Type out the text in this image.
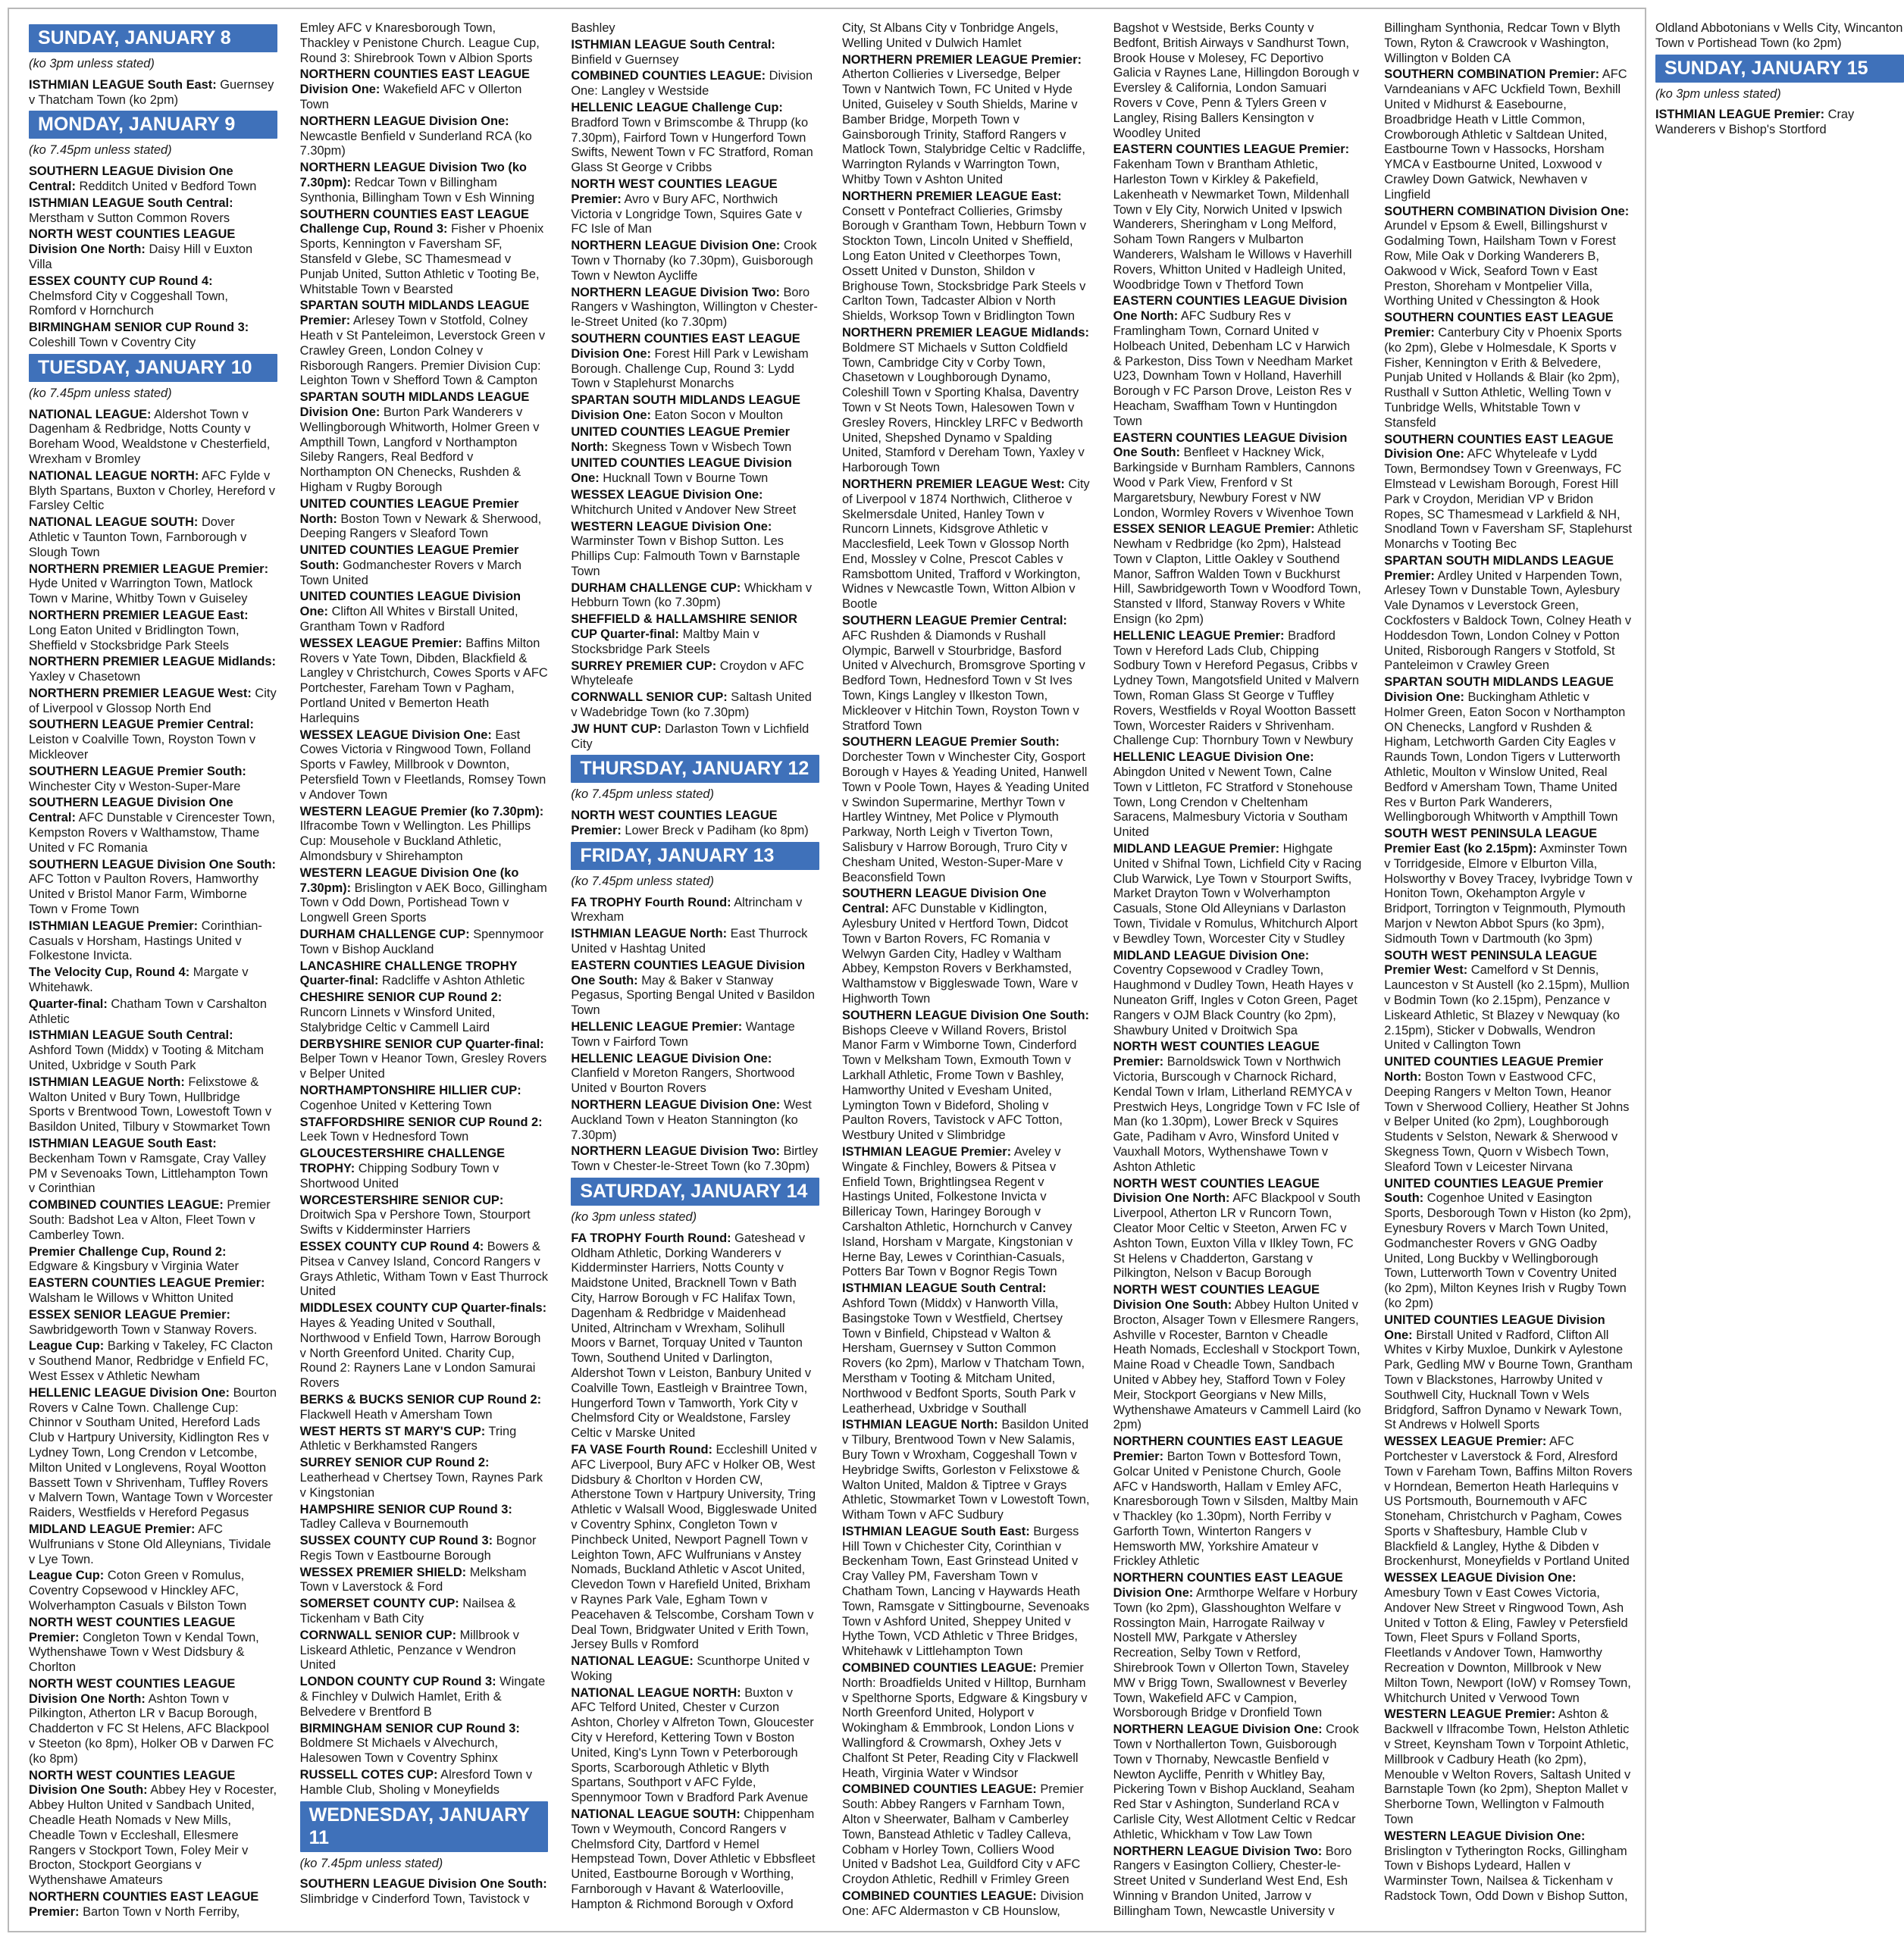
SUNDAY, JANUARY 8
(ko 3pm unless stated)
ISTHMIAN LEAGUE South East: Guernsey v Thatcham Town (ko 2pm)
MONDAY, JANUARY 9
(ko 7.45pm unless stated)
SOUTHERN LEAGUE Division One Central: Redditch United v Bedford Town
ISTHMIAN LEAGUE South Central: Merstham v Sutton Common Rovers
NORTH WEST COUNTIES LEAGUE Division One North: Daisy Hill v Euxton Villa
ESSEX COUNTY CUP Round 4: Chelmsford City v Coggeshall Town, Romford v Hornchurch
BIRMINGHAM SENIOR CUP Round 3: Coleshill Town v Coventry City
TUESDAY, JANUARY 10
(ko 7.45pm unless stated)
NATIONAL LEAGUE: Aldershot Town v Dagenham & Redbridge, Notts County v Boreham Wood, Wealdstone v Chesterfield, Wrexham v Bromley
NATIONAL LEAGUE NORTH: AFC Fylde v Blyth Spartans, Buxton v Chorley, Hereford v Farsley Celtic
NATIONAL LEAGUE SOUTH: Dover Athletic v Taunton Town, Farnborough v Slough Town
NORTHERN PREMIER LEAGUE Premier: Hyde United v Warrington Town, Matlock Town v Marine, Whitby Town v Guiseley
NORTHERN PREMIER LEAGUE East: Long Eaton United v Bridlington Town, Sheffield v Stocksbridge Park Steels
NORTHERN PREMIER LEAGUE Midlands: Yaxley v Chasetown
NORTHERN PREMIER LEAGUE West: City of Liverpool v Glossop North End
SOUTHERN LEAGUE Premier Central: Leiston v Coalville Town, Royston Town v Mickleover
SOUTHERN LEAGUE Premier South: Winchester City v Weston-Super-Mare
SOUTHERN LEAGUE Division One Central: AFC Dunstable v Cirencester Town, Kempston Rovers v Walthamstow, Thame United v FC Romania
SOUTHERN LEAGUE Division One South: AFC Totton v Paulton Rovers, Hamworthy United v Bristol Manor Farm, Wimborne Town v Frome Town
ISTHMIAN LEAGUE Premier: Corinthian-Casuals v Horsham, Hastings United v Folkestone Invicta.
The Velocity Cup, Round 4: Margate v Whitehawk.
Quarter-final: Chatham Town v Carshalton Athletic
ISTHMIAN LEAGUE South Central: Ashford Town (Middx) v Tooting & Mitcham United, Uxbridge v South Park
ISTHMIAN LEAGUE North: Felixstowe & Walton United v Bury Town, Hullbridge Sports v Brentwood Town, Lowestoft Town v Basildon United, Tilbury v Stowmarket Town
ISTHMIAN LEAGUE South East: Beckenham Town v Ramsgate, Cray Valley PM v Sevenoaks Town, Littlehampton Town v Corinthian
COMBINED COUNTIES LEAGUE: Premier South: Badshot Lea v Alton, Fleet Town v Camberley Town.
Premier Challenge Cup, Round 2: Edgware & Kingsbury v Virginia Water
EASTERN COUNTIES LEAGUE Premier: Walsham le Willows v Whitton United
ESSEX SENIOR LEAGUE Premier: Sawbridgeworth Town v Stanway Rovers.
League Cup: Barking v Takeley, FC Clacton v Southend Manor, Redbridge v Enfield FC, West Essex v Athletic Newham
HELLENIC LEAGUE Division One: Bourton Rovers v Calne Town. Challenge Cup: Chinnor v Southam United, Hereford Lads Club v Hartpury University, Kidlington Res v Lydney Town, Long Crendon v Letcombe, Milton United v Longlevens, Royal Wootton Bassett Town v Shrivenham, Tuffley Rovers v Malvern Town, Wantage Town v Worcester Raiders, Westfields v Hereford Pegasus
MIDLAND LEAGUE Premier: AFC Wulfrunians v Stone Old Alleynians, Tividale v Lye Town.
League Cup: Coton Green v Romulus, Coventry Copsewood v Hinckley AFC, Wolverhampton Casuals v Bilston Town
NORTH WEST COUNTIES LEAGUE Premier: Congleton Town v Kendal Town, Wythenshawe Town v West Didsbury & Chorlton
NORTH WEST COUNTIES LEAGUE Division One North: Ashton Town v Pilkington, Atherton LR v Bacup Borough, Chadderton v FC St Helens, AFC Blackpool v Steeton (ko 8pm), Holker OB v Darwen FC (ko 8pm)
NORTH WEST COUNTIES LEAGUE Division One South: Abbey Hey v Rocester, Abbey Hulton United v Sandbach United, Cheadle Heath Nomads v New Mills, Cheadle Town v Eccleshall, Ellesmere Rangers v Stockport Town, Foley Meir v Brocton, Stockport Georgians v Wythenshawe Amateurs
NORTHERN COUNTIES EAST LEAGUE Premier: Barton Town v North Ferriby, Emley AFC v Knaresborough Town, Thackley v Penistone Church. League Cup, Round 3: Shirebrook Town v Albion Sports
NORTHERN COUNTIES EAST LEAGUE Division One: Wakefield AFC v Ollerton Town
NORTHERN LEAGUE Division One: Newcastle Benfield v Sunderland RCA (ko 7.30pm)
NORTHERN LEAGUE Division Two (ko 7.30pm): Redcar Town v Billingham Synthonia, Billingham Town v Esh Winning
SOUTHERN COUNTIES EAST LEAGUE Challenge Cup, Round 3: Fisher v Phoenix Sports, Kennington v Faversham SF, Stansfeld v Glebe, SC Thamesmead v Punjab United, Sutton Athletic v Tooting Be, Whitstable Town v Bearsted
SPARTAN SOUTH MIDLANDS LEAGUE Premier: Arlesey Town v Stotfold, Colney Heath v St Panteleimon, Leverstock Green v Crawley Green, London Colney v Risborough Rangers. Premier Division Cup: Leighton Town v Shefford Town & Campton
SPARTAN SOUTH MIDLANDS LEAGUE Division One: Burton Park Wanderers v Wellingborough Whitworth, Holmer Green v Ampthill Town, Langford v Northampton Sileby Rangers, Real Bedford v Northampton ON Chenecks, Rushden & Higham v Rugby Borough
UNITED COUNTIES LEAGUE Premier North: Boston Town v Newark & Sherwood, Deeping Rangers v Sleaford Town
UNITED COUNTIES LEAGUE Premier South: Godmanchester Rovers v March Town United
UNITED COUNTIES LEAGUE Division One: Clifton All Whites v Birstall United, Grantham Town v Radford
WESSEX LEAGUE Premier: Baffins Milton Rovers v Yate Town, Dibden, Blackfield & Langley v Christchurch, Cowes Sports v AFC Portchester, Fareham Town v Pagham, Portland United v Bemerton Heath Harlequins
WESSEX LEAGUE Division One: East Cowes Victoria v Ringwood Town, Folland Sports v Fawley, Millbrook v Downton, Petersfield Town v Fleetlands, Romsey Town v Andover Town
WESTERN LEAGUE Premier (ko 7.30pm): Ilfracombe Town v Wellington. Les Phillips Cup: Mousehole v Buckland Athletic, Almondsbury v Shirehampton
WESTERN LEAGUE Division One (ko 7.30pm): Brislington v AEK Boco, Gillingham Town v Odd Down, Portishead Town v Longwell Green Sports
DURHAM CHALLENGE CUP: Spennymoor Town v Bishop Auckland
LANCASHIRE CHALLENGE TROPHY Quarter-final: Radcliffe v Ashton Athletic
CHESHIRE SENIOR CUP Round 2: Runcorn Linnets v Winsford United, Stalybridge Celtic v Cammell Laird
DERBYSHIRE SENIOR CUP Quarter-final: Belper Town v Heanor Town, Gresley Rovers v Belper United
NORTHAMPTONSHIRE HILLIER CUP: Cogenhoe United v Kettering Town
STAFFORDSHIRE SENIOR CUP Round 2: Leek Town v Hednesford Town
GLOUCESTERSHIRE CHALLENGE TROPHY: Chipping Sodbury Town v Shortwood United
WORCESTERSHIRE SENIOR CUP: Droitwich Spa v Pershore Town, Stourport Swifts v Kidderminster Harriers
ESSEX COUNTY CUP Round 4: Bowers & Pitsea v Canvey Island, Concord Rangers v Grays Athletic, Witham Town v East Thurrock United
MIDDLESEX COUNTY CUP Quarter-finals: Hayes & Yeading United v Southall, Northwood v Enfield Town, Harrow Borough v North Greenford United. Charity Cup, Round 2: Rayners Lane v London Samurai Rovers
BERKS & BUCKS SENIOR CUP Round 2: Flackwell Heath v Amersham Town
WEST HERTS ST MARY'S CUP: Tring Athletic v Berkhamsted Rangers
SURREY SENIOR CUP Round 2: Leatherhead v Chertsey Town, Raynes Park v Kingstonian
HAMPSHIRE SENIOR CUP Round 3: Tadley Calleva v Bournemouth
SUSSEX COUNTY CUP Round 3: Bognor Regis Town v Eastbourne Borough
WESSEX PREMIER SHIELD: Melksham Town v Laverstock & Ford
SOMERSET COUNTY CUP: Nailsea & Tickenham v Bath City
CORNWALL SENIOR CUP: Millbrook v Liskeard Athletic, Penzance v Wendron United
LONDON COUNTY CUP Round 3: Wingate & Finchley v Dulwich Hamlet, Erith & Belvedere v Brentford B
BIRMINGHAM SENIOR CUP Round 3: Boldmere St Michaels v Alvechurch, Halesowen Town v Coventry Sphinx
RUSSELL COTES CUP: Alresford Town v Hamble Club, Sholing v Moneyfields
WEDNESDAY, JANUARY 11
(ko 7.45pm unless stated)
SOUTHERN LEAGUE Division One South: Slimbridge v Cinderford Town, Tavistock v Bashley
ISTHMIAN LEAGUE South Central: Binfield v Guernsey
COMBINED COUNTIES LEAGUE: Division One: Langley v Westside
HELLENIC LEAGUE Challenge Cup: Bradford Town v Brimscombe & Thrupp (ko 7.30pm), Fairford Town v Hungerford Town Swifts, Newent Town v FC Stratford, Roman Glass St George v Cribbs
NORTH WEST COUNTIES LEAGUE Premier: Avro v Bury AFC, Northwich Victoria v Longridge Town, Squires Gate v FC Isle of Man
NORTHERN LEAGUE Division One: Crook Town v Thornaby (ko 7.30pm), Guisborough Town v Newton Aycliffe
NORTHERN LEAGUE Division Two: Boro Rangers v Washington, Willington v Chester-le-Street United (ko 7.30pm)
SOUTHERN COUNTIES EAST LEAGUE Division One: Forest Hill Park v Lewisham Borough. Challenge Cup, Round 3: Lydd Town v Staplehurst Monarchs
SPARTAN SOUTH MIDLANDS LEAGUE Division One: Eaton Socon v Moulton
UNITED COUNTIES LEAGUE Premier North: Skegness Town v Wisbech Town
UNITED COUNTIES LEAGUE Division One: Hucknall Town v Bourne Town
WESSEX LEAGUE Division One: Whitchurch United v Andover New Street
WESTERN LEAGUE Division One: Warminster Town v Bishop Sutton. Les Phillips Cup: Falmouth Town v Barnstaple Town
DURHAM CHALLENGE CUP: Whickham v Hebburn Town (ko 7.30pm)
SHEFFIELD & HALLAMSHIRE SENIOR CUP Quarter-final: Maltby Main v Stocksbridge Park Steels
SURREY PREMIER CUP: Croydon v AFC Whyteleafe
CORNWALL SENIOR CUP: Saltash United v Wadebridge Town (ko 7.30pm)
JW HUNT CUP: Darlaston Town v Lichfield City
THURSDAY, JANUARY 12
(ko 7.45pm unless stated)
NORTH WEST COUNTIES LEAGUE Premier: Lower Breck v Padiham (ko 8pm)
FRIDAY, JANUARY 13
(ko 7.45pm unless stated)
FA TROPHY Fourth Round: Altrincham v Wrexham
ISTHMIAN LEAGUE North: East Thurrock United v Hashtag United
EASTERN COUNTIES LEAGUE Division One South: May & Baker v Stanway Pegasus, Sporting Bengal United v Basildon Town
HELLENIC LEAGUE Premier: Wantage Town v Fairford Town
HELLENIC LEAGUE Division One: Clanfield v Moreton Rangers, Shortwood United v Bourton Rovers
NORTHERN LEAGUE Division One: West Auckland Town v Heaton Stannington (ko 7.30pm)
NORTHERN LEAGUE Division Two: Birtley Town v Chester-le-Street Town (ko 7.30pm)
SATURDAY, JANUARY 14
(ko 3pm unless stated)
FA TROPHY Fourth Round: Gateshead v Oldham Athletic, Dorking Wanderers v Kidderminster Harriers, Notts County v Maidstone United, Bracknell Town v Bath City, Harrow Borough v FC Halifax Town, Dagenham & Redbridge v Maidenhead United, Altrincham v Wrexham, Solihull Moors v Barnet, Torquay United v Taunton Town, Southend United v Darlington, Aldershot Town v Leiston, Banbury United v Coalville Town, Eastleigh v Braintree Town, Hungerford Town v Tamworth, York City v Chelmsford City or Wealdstone, Farsley Celtic v Marske United
FA VASE Fourth Round: Eccleshill United v AFC Liverpool, Bury AFC v Holker OB, West Didsbury & Chorlton v Horden CW, Atherstone Town v Hartpury University, Tring Athletic v Walsall Wood, Biggleswade United v Coventry Sphinx, Congleton Town v Pinchbeck United, Newport Pagnell Town v Leighton Town, AFC Wulfrunians v Anstey Nomads, Buckland Athletic v Ascot United, Clevedon Town v Harefield United, Brixham v Raynes Park Vale, Egham Town v Peacehaven & Telscombe, Corsham Town v Deal Town, Bridgwater United v Erith Town, Jersey Bulls v Romford
NATIONAL LEAGUE: Scunthorpe United v Woking
NATIONAL LEAGUE NORTH: Buxton v AFC Telford United, Chester v Curzon Ashton, Chorley v Alfreton Town, Gloucester City v Hereford, Kettering Town v Boston United, King's Lynn Town v Peterborough Sports, Scarborough Athletic v Blyth Spartans, Southport v AFC Fylde, Spennymoor Town v Bradford Park Avenue
NATIONAL LEAGUE SOUTH: Chippenham Town v Weymouth, Concord Rangers v Chelmsford City, Dartford v Hemel Hempstead Town, Dover Athletic v Ebbsfleet United, Eastbourne Borough v Worthing, Farnborough v Havant & Waterlooville, Hampton & Richmond Borough v Oxford City, St Albans City v Tonbridge Angels, Welling United v Dulwich Hamlet
NORTHERN PREMIER LEAGUE Premier: Atherton Collieries v Liversedge, Belper Town v Nantwich Town, FC United v Hyde United, Guiseley v South Shields, Marine v Bamber Bridge, Morpeth Town v Gainsborough Trinity, Stafford Rangers v Matlock Town, Stalybridge Celtic v Radcliffe, Warrington Rylands v Warrington Town, Whitby Town v Ashton United
NORTHERN PREMIER LEAGUE East: Consett v Pontefract Collieries, Grimsby Borough v Grantham Town, Hebburn Town v Stockton Town, Lincoln United v Sheffield, Long Eaton United v Cleethorpes Town, Ossett United v Dunston, Shildon v Brighouse Town, Stocksbridge Park Steels v Carlton Town, Tadcaster Albion v North Shields, Worksop Town v Bridlington Town
NORTHERN PREMIER LEAGUE Midlands: Boldmere ST Michaels v Sutton Coldfield Town, Cambridge City v Corby Town, Chasetown v Loughborough Dynamo, Coleshill Town v Sporting Khalsa, Daventry Town v St Neots Town, Halesowen Town v Gresley Rovers, Hinckley LRFC v Bedworth United, Shepshed Dynamo v Spalding United, Stamford v Dereham Town, Yaxley v Harborough Town
NORTHERN PREMIER LEAGUE West: City of Liverpool v 1874 Northwich, Clitheroe v Skelmersdale United, Hanley Town v Runcorn Linnets, Kidsgrove Athletic v Macclesfield, Leek Town v Glossop North End, Mossley v Colne, Prescot Cables v Ramsbottom United, Trafford v Workington, Widnes v Newcastle Town, Witton Albion v Bootle
SOUTHERN LEAGUE Premier Central: AFC Rushden & Diamonds v Rushall Olympic, Barwell v Stourbridge, Basford United v Alvechurch, Bromsgrove Sporting v Bedford Town, Hednesford Town v St Ives Town, Kings Langley v Ilkeston Town, Mickleover v Hitchin Town, Royston Town v Stratford Town
SOUTHERN LEAGUE Premier South: Dorchester Town v Winchester City, Gosport Borough v Hayes & Yeading United, Hanwell Town v Poole Town, Hayes & Yeading United v Swindon Supermarine, Merthyr Town v Hartley Wintney, Met Police v Plymouth Parkway, North Leigh v Tiverton Town, Salisbury v Harrow Borough, Truro City v Chesham United, Weston-Super-Mare v Beaconsfield Town
SOUTHERN LEAGUE Division One Central: AFC Dunstable v Kidlington, Aylesbury United v Hertford Town, Didcot Town v Barton Rovers, FC Romania v Welwyn Garden City, Hadley v Waltham Abbey, Kempston Rovers v Berkhamsted, Walthamstow v Biggleswade Town, Ware v Highworth Town
SOUTHERN LEAGUE Division One South: Bishops Cleeve v Willand Rovers, Bristol Manor Farm v Wimborne Town, Cinderford Town v Melksham Town, Exmouth Town v Larkhall Athletic, Frome Town v Bashley, Hamworthy United v Evesham United, Lymington Town v Bideford, Sholing v Paulton Rovers, Tavistock v AFC Totton, Westbury United v Slimbridge
ISTHMIAN LEAGUE Premier: Aveley v Wingate & Finchley, Bowers & Pitsea v Enfield Town, Brightlingsea Regent v Hastings United, Folkestone Invicta v Billericay Town, Haringey Borough v Carshalton Athletic, Hornchurch v Canvey Island, Horsham v Margate, Kingstonian v Herne Bay, Lewes v Corinthian-Casuals, Potters Bar Town v Bognor Regis Town
ISTHMIAN LEAGUE South Central: Ashford Town (Middx) v Hanworth Villa, Basingstoke Town v Westfield, Chertsey Town v Binfield, Chipstead v Walton & Hersham, Guernsey v Sutton Common Rovers (ko 2pm), Marlow v Thatcham Town, Merstham v Tooting & Mitcham United, Northwood v Bedfont Sports, South Park v Leatherhead, Uxbridge v Southall
ISTHMIAN LEAGUE North: Basildon United v Tilbury, Brentwood Town v New Salamis, Bury Town v Wroxham, Coggeshall Town v Heybridge Swifts, Gorleston v Felixstowe & Walton United, Maldon & Tiptree v Grays Athletic, Stowmarket Town v Lowestoft Town, Witham Town v AFC Sudbury
ISTHMIAN LEAGUE South East: Burgess Hill Town v Chichester City, Corinthian v Beckenham Town, East Grinstead United v Cray Valley PM, Faversham Town v Chatham Town, Lancing v Haywards Heath Town, Ramsgate v Sittingbourne, Sevenoaks Town v Ashford United, Sheppey United v Hythe Town, VCD Athletic v Three Bridges, Whitehawk v Littlehampton Town
COMBINED COUNTIES LEAGUE: Premier North: Broadfields United v Hilltop, Burnham v Spelthorne Sports, Edgware & Kingsbury v North Greenford United, Holyport v Wokingham & Emmbrook, London Lions v Wallingford & Crowmarsh, Oxhey Jets v Chalfont St Peter, Reading City v Flackwell Heath, Virginia Water v Windsor
COMBINED COUNTIES LEAGUE: Premier South: Abbey Rangers v Farnham Town, Alton v Sheerwater, Balham v Camberley Town, Banstead Athletic v Tadley Calleva, Cobham v Horley Town, Colliers Wood United v Badshot Lea, Guildford City v AFC Croydon Athletic, Redhill v Frimley Green
COMBINED COUNTIES LEAGUE: Division One: AFC Aldermaston v CB Hounslow, Bagshot v Westside, Berks County v Bedfont, British Airways v Sandhurst Town, Brook House v Molesey, FC Deportivo Galicia v Raynes Lane, Hillingdon Borough v Eversley & California, London Samuari Rovers v Cove, Penn & Tylers Green v Langley, Rising Ballers Kensington v Woodley United
EASTERN COUNTIES LEAGUE Premier: Fakenham Town v Brantham Athletic, Harleston Town v Kirkley & Pakefield, Lakenheath v Newmarket Town, Mildenhall Town v Ely City, Norwich United v Ipswich Wanderers, Sheringham v Long Melford, Soham Town Rangers v Mulbarton Wanderers, Walsham le Willows v Haverhill Rovers, Whitton United v Hadleigh United, Woodbridge Town v Thetford Town
EASTERN COUNTIES LEAGUE Division One North: AFC Sudbury Res v Framlingham Town, Cornard United v Holbeach United, Debenham LC v Harwich & Parkeston, Diss Town v Needham Market U23, Downham Town v Holland, Haverhill Borough v FC Parson Drove, Leiston Res v Heacham, Swaffham Town v Huntingdon Town
EASTERN COUNTIES LEAGUE Division One South: Benfleet v Hackney Wick, Barkingside v Burnham Ramblers, Cannons Wood v Park View, Frenford v St Margaretsbury, Newbury Forest v NW London, Wormley Rovers v Wivenhoe Town
ESSEX SENIOR LEAGUE Premier: Athletic Newham v Redbridge (ko 2pm), Halstead Town v Clapton, Little Oakley v Southend Manor, Saffron Walden Town v Buckhurst Hill, Sawbridgeworth Town v Woodford Town, Stansted v Ilford, Stanway Rovers v White Ensign (ko 2pm)
HELLENIC LEAGUE Premier: Bradford Town v Hereford Lads Club, Chipping Sodbury Town v Hereford Pegasus, Cribbs v Lydney Town, Mangotsfield United v Malvern Town, Roman Glass St George v Tuffley Rovers, Westfields v Royal Wootton Bassett Town, Worcester Raiders v Shrivenham. Challenge Cup: Thornbury Town v Newbury
HELLENIC LEAGUE Division One: Abingdon United v Newent Town, Calne Town v Littleton, FC Stratford v Stonehouse Town, Long Crendon v Cheltenham Saracens, Malmesbury Victoria v Southam United
MIDLAND LEAGUE Premier: Highgate United v Shifnal Town, Lichfield City v Racing Club Warwick, Lye Town v Stourport Swifts, Market Drayton Town v Wolverhampton Casuals, Stone Old Alleynians v Darlaston Town, Tividale v Romulus, Whitchurch Alport v Bewdley Town, Worcester City v Studley
MIDLAND LEAGUE Division One: Coventry Copsewood v Cradley Town, Haughmond v Dudley Town, Heath Hayes v Nuneaton Griff, Ingles v Coton Green, Paget Rangers v OJM Black Country (ko 2pm), Shawbury United v Droitwich Spa
NORTH WEST COUNTIES LEAGUE Premier: Barnoldswick Town v Northwich Victoria, Burscough v Charnock Richard, Kendal Town v Irlam, Litherland REMYCA v Prestwich Heys, Longridge Town v FC Isle of Man (ko 1.30pm), Lower Breck v Squires Gate, Padiham v Avro, Winsford United v Vauxhall Motors, Wythenshawe Town v Ashton Athletic
NORTH WEST COUNTIES LEAGUE Division One North: AFC Blackpool v South Liverpool, Atherton LR v Runcorn Town, Cleator Moor Celtic v Steeton, Arwen FC v Ashton Town, Euxton Villa v Ilkley Town, FC St Helens v Chadderton, Garstang v Pilkington, Nelson v Bacup Borough
NORTH WEST COUNTIES LEAGUE Division One South: Abbey Hulton United v Brocton, Alsager Town v Ellesmere Rangers, Ashville v Rocester, Barnton v Cheadle Heath Nomads, Eccleshall v Stockport Town, Maine Road v Cheadle Town, Sandbach United v Abbey hey, Stafford Town v Foley Meir, Stockport Georgians v New Mills, Wythenshawe Amateurs v Cammell Laird (ko 2pm)
NORTHERN COUNTIES EAST LEAGUE Premier: Barton Town v Bottesford Town, Golcar United v Penistone Church, Goole AFC v Handsworth, Hallam v Emley AFC, Knaresborough Town v Silsden, Maltby Main v Thackley (ko 1.30pm), North Ferriby v Garforth Town, Winterton Rangers v Hemsworth MW, Yorkshire Amateur v Frickley Athletic
NORTHERN COUNTIES EAST LEAGUE Division One: Armthorpe Welfare v Horbury Town (ko 2pm), Glasshoughton Welfare v Rossington Main, Harrogate Railway v Nostell MW, Parkgate v Athersley Recreation, Selby Town v Retford, Shirebrook Town v Ollerton Town, Staveley MW v Brigg Town, Swallownest v Beverley Town, Wakefield AFC v Campion, Worsborough Bridge v Dronfield Town
NORTHERN LEAGUE Division One: Crook Town v Northallerton Town, Guisborough Town v Thornaby, Newcastle Benfield v Newton Aycliffe, Penrith v Whitley Bay, Pickering Town v Bishop Auckland, Seaham Red Star v Ashington, Sunderland RCA v Carlisle City, West Allotment Celtic v Redcar Athletic, Whickham v Tow Law Town
NORTHERN LEAGUE Division Two: Boro Rangers v Easington Colliery, Chester-le-Street United v Sunderland West End, Esh Winning v Brandon United, Jarrow v Billingham Town, Newcastle University v Billingham Synthonia, Redcar Town v Blyth Town, Ryton & Crawcrook v Washington, Willington v Bolden CA
SOUTHERN COMBINATION Premier: AFC Varndeanians v AFC Uckfield Town, Bexhill United v Midhurst & Easebourne, Broadbridge Heath v Little Common, Crowborough Athletic v Saltdean United, Eastbourne Town v Hassocks, Horsham YMCA v Eastbourne United, Loxwood v Crawley Down Gatwick, Newhaven v Lingfield
SOUTHERN COMBINATION Division One: Arundel v Epsom & Ewell, Billingshurst v Godalming Town, Hailsham Town v Forest Row, Mile Oak v Dorking Wanderers B, Oakwood v Wick, Seaford Town v East Preston, Shoreham v Montpelier Villa, Worthing United v Chessington & Hook
SOUTHERN COUNTIES EAST LEAGUE Premier: Canterbury City v Phoenix Sports (ko 2pm), Glebe v Holmesdale, K Sports v Fisher, Kennington v Erith & Belvedere, Punjab United v Hollands & Blair (ko 2pm), Rusthall v Sutton Athletic, Welling Town v Tunbridge Wells, Whitstable Town v Stansfeld
SOUTHERN COUNTIES EAST LEAGUE Division One: AFC Whyteleafe v Lydd Town, Bermondsey Town v Greenways, FC Elmstead v Lewisham Borough, Forest Hill Park v Croydon, Meridian VP v Bridon Ropes, SC Thamesmead v Larkfield & NH, Snodland Town v Faversham SF, Staplehurst Monarchs v Tooting Bec
SPARTAN SOUTH MIDLANDS LEAGUE Premier: Ardley United v Harpenden Town, Arlesey Town v Dunstable Town, Aylesbury Vale Dynamos v Leverstock Green, Cockfosters v Baldock Town, Colney Heath v Hoddesdon Town, London Colney v Potton United, Risborough Rangers v Stotfold, St Panteleimon v Crawley Green
SPARTAN SOUTH MIDLANDS LEAGUE Division One: Buckingham Athletic v Holmer Green, Eaton Socon v Northampton ON Chenecks, Langford v Rushden & Higham, Letchworth Garden City Eagles v Raunds Town, London Tigers v Lutterworth Athletic, Moulton v Winslow United, Real Bedford v Amersham Town, Thame United Res v Burton Park Wanderers, Wellingborough Whitworth v Ampthill Town
SOUTH WEST PENINSULA LEAGUE Premier East (ko 2.15pm): Axminster Town v Torridgeside, Elmore v Elburton Villa, Holsworthy v Bovey Tracey, Ivybridge Town v Honiton Town, Okehampton Argyle v Bridport, Torrington v Teignmouth, Plymouth Marjon v Newton Abbot Spurs (ko 3pm), Sidmouth Town v Dartmouth (ko 3pm)
SOUTH WEST PENINSULA LEAGUE Premier West: Camelford v St Dennis, Launceston v St Austell (ko 2.15pm), Mullion v Bodmin Town (ko 2.15pm), Penzance v Liskeard Athletic, St Blazey v Newquay (ko 2.15pm), Sticker v Dobwalls, Wendron United v Callington Town
UNITED COUNTIES LEAGUE Premier North: Boston Town v Eastwood CFC, Deeping Rangers v Melton Town, Heanor Town v Sherwood Colliery, Heather St Johns v Belper United (ko 2pm), Loughborough Students v Selston, Newark & Sherwood v Skegness Town, Quorn v Wisbech Town, Sleaford Town v Leicester Nirvana
UNITED COUNTIES LEAGUE Premier South: Cogenhoe United v Easington Sports, Desborough Town v Histon (ko 2pm), Eynesbury Rovers v March Town United, Godmanchester Rovers v GNG Oadby United, Long Buckby v Wellingborough Town, Lutterworth Town v Coventry United (ko 2pm), Milton Keynes Irish v Rugby Town (ko 2pm)
UNITED COUNTIES LEAGUE Division One: Birstall United v Radford, Clifton All Whites v Kirby Muxloe, Dunkirk v Aylestone Park, Gedling MW v Bourne Town, Grantham Town v Blackstones, Harrowby United v Southwell City, Hucknall Town v Wels Bridgford, Saffron Dynamo v Newark Town, St Andrews v Holwell Sports
WESSEX LEAGUE Premier: AFC Portchester v Laverstock & Ford, Alresford Town v Fareham Town, Baffins Milton Rovers v Horndean, Bemerton Heath Harlequins v US Portsmouth, Bournemouth v AFC Stoneham, Christchurch v Pagham, Cowes Sports v Shaftesbury, Hamble Club v Blackfield & Langley, Hythe & Dibden v Brockenhurst, Moneyfields v Portland United
WESSEX LEAGUE Division One: Amesbury Town v East Cowes Victoria, Andover New Street v Ringwood Town, Ash United v Totton & Eling, Fawley v Petersfield Town, Fleet Spurs v Folland Sports, Fleetlands v Andover Town, Hamworthy Recreation v Downton, Millbrook v New Milton Town, Newport (IoW) v Romsey Town, Whitchurch United v Verwood Town
WESTERN LEAGUE Premier: Ashton & Backwell v Ilfracombe Town, Helston Athletic v Street, Keynsham Town v Torpoint Athletic, Millbrook v Cadbury Heath (ko 2pm), Menouble v Welton Rovers, Saltash United v Barnstaple Town (ko 2pm), Shepton Mallet v Sherborne Town, Wellington v Falmouth Town
WESTERN LEAGUE Division One: Brislington v Tytherington Rocks, Gillingham Town v Bishops Lydeard, Hallen v Warminster Town, Nailsea & Tickenham v Radstock Town, Odd Down v Bishop Sutton, Oldland Abbotonians v Wells City, Wincanton Town v Portishead Town (ko 2pm)
SUNDAY, JANUARY 15
(ko 3pm unless stated)
ISTHMIAN LEAGUE Premier: Cray Wanderers v Bishop's Stortford
